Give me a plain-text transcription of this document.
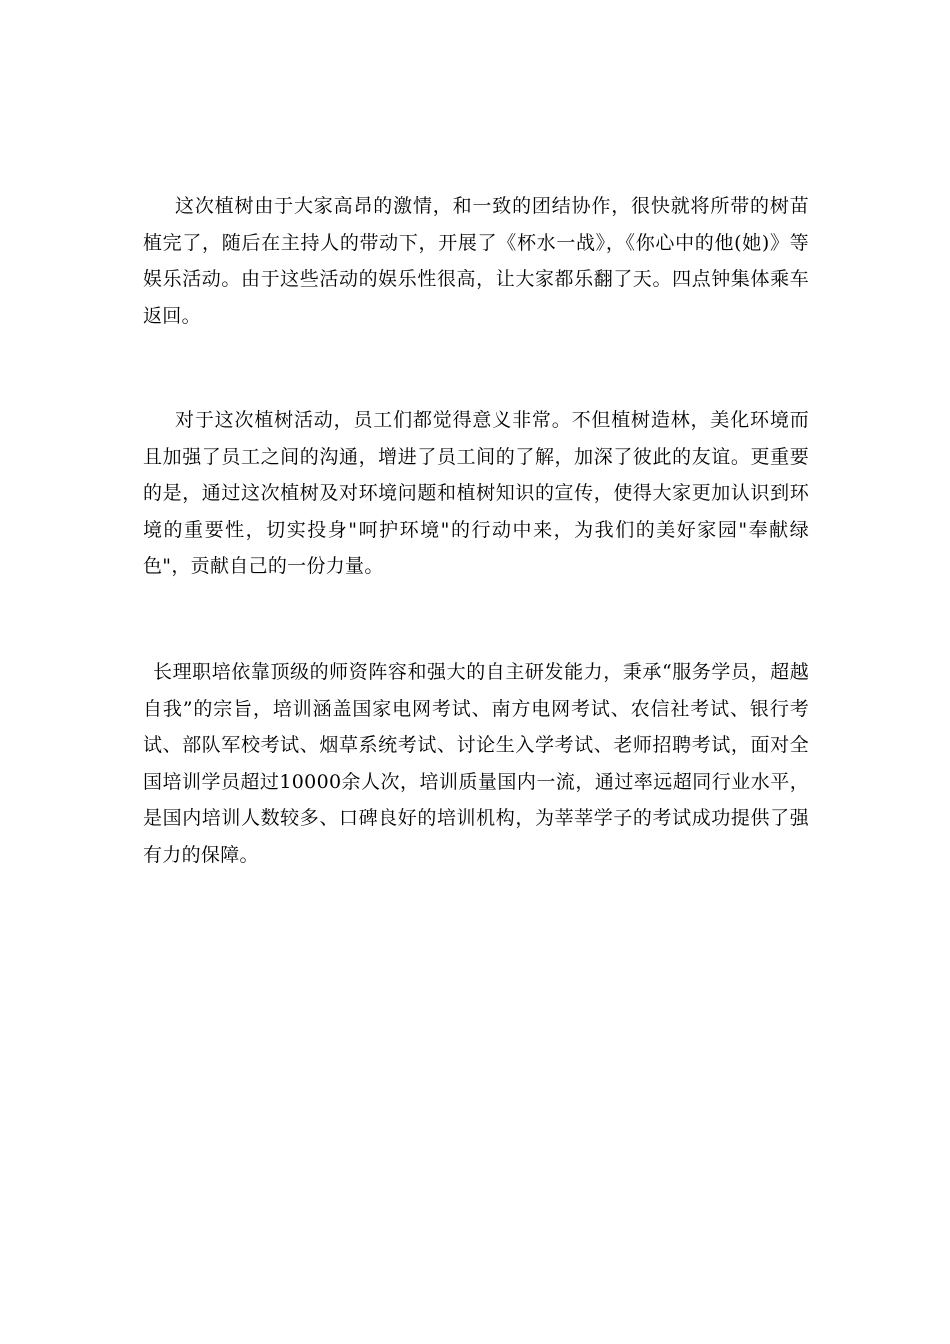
这次植树由于大家高昂的激情，和一致的团结协作，很快就将所带的树苗植完了，随后在主持人的带动下，开展了《杯水一战》，《你心中的他(她)》等娱乐活动。由于这些活动的娱乐性很高，让大家都乐翻了天。四点钟集体乘车返回。

对于这次植树活动，员工们都觉得意义非常。不但植树造林，美化环境而且加强了员工之间的沟通，增进了员工间的了解，加深了彼此的友谊。更重要的是，通过这次植树及对环境问题和植树知识的宣传，使得大家更加认识到环境的重要性，切实投身"呵护环境"的行动中来，为我们的美好家园"奉献绿色"，贡献自己的一份力量。

长理职培依靠顶级的师资阵容和强大的自主研发能力，秉承“服务学员，超越自我”的宗旨，培训涵盖国家电网考试、南方电网考试、农信社考试、银行考试、部队军校考试、烟草系统考试、讨论生入学考试、老师招聘考试，面对全国培训学员超过10000余人次，培训质量国内一流，通过率远超同行业水平，是国内培训人数较多、口碑良好的培训机构，为莘莘学子的考试成功提供了强有力的保障。
